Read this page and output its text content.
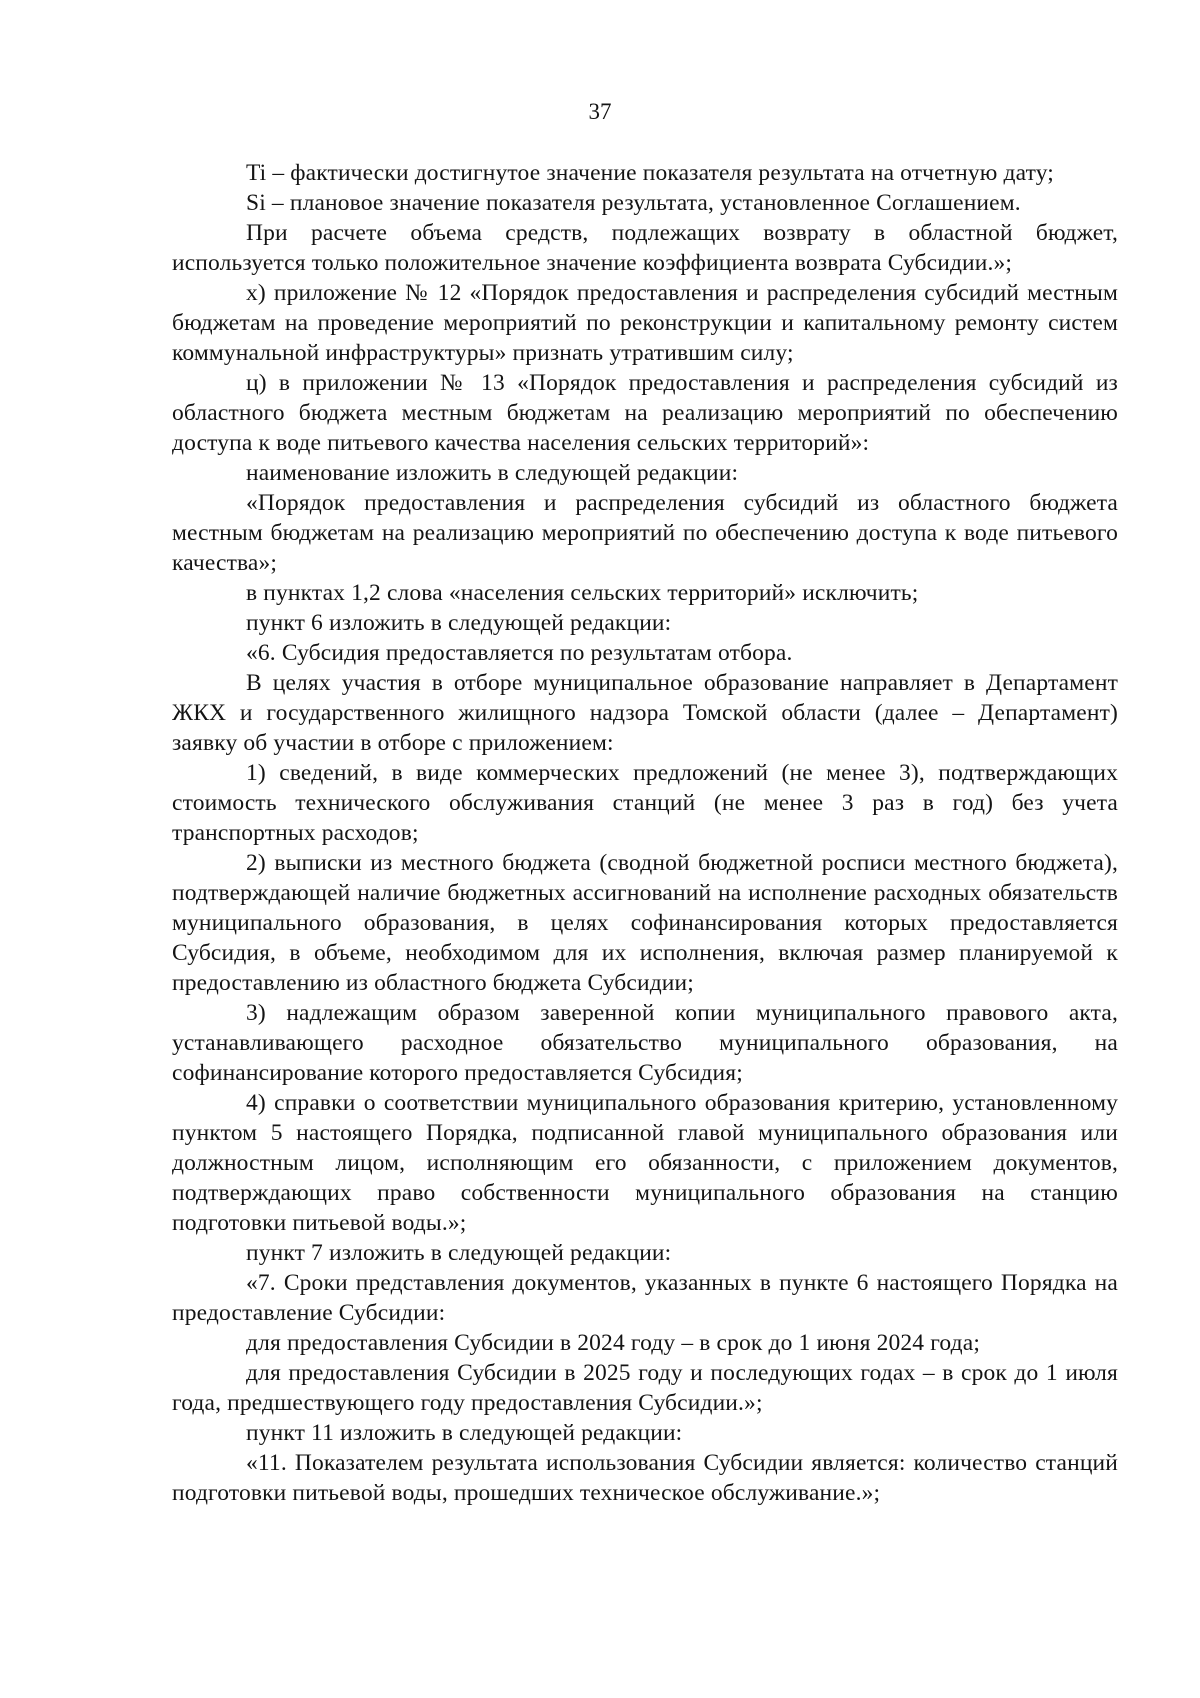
37

Ti – фактически достигнутое значение показателя результата на отчетную дату;

Si – плановое значение показателя результата, установленное Соглашением.

При расчете объема средств, подлежащих возврату в областной бюджет, используется только положительное значение коэффициента возврата Субсидии.»;

х) приложение № 12 «Порядок предоставления и распределения субсидий местным бюджетам на проведение мероприятий по реконструкции и капитальному ремонту систем коммунальной инфраструктуры» признать утратившим силу;

ц) в приложении № 13 «Порядок предоставления и распределения субсидий из областного бюджета местным бюджетам на реализацию мероприятий по обеспечению доступа к воде питьевого качества населения сельских территорий»:

наименование изложить в следующей редакции:

«Порядок предоставления и распределения субсидий из областного бюджета местным бюджетам на реализацию мероприятий по обеспечению доступа к воде питьевого качества»;

в пунктах 1,2 слова «населения сельских территорий» исключить;

пункт 6 изложить в следующей редакции:

«6. Субсидия предоставляется по результатам отбора.

В целях участия в отборе муниципальное образование направляет в Департамент ЖКХ и государственного жилищного надзора Томской области (далее – Департамент) заявку об участии в отборе с приложением:

1) сведений, в виде коммерческих предложений (не менее 3), подтверждающих стоимость технического обслуживания станций (не менее 3 раз в год) без учета транспортных расходов;

2) выписки из местного бюджета (сводной бюджетной росписи местного бюджета), подтверждающей наличие бюджетных ассигнований на исполнение расходных обязательств муниципального образования, в целях софинансирования которых предоставляется Субсидия, в объеме, необходимом для их исполнения, включая размер планируемой к предоставлению из областного бюджета Субсидии;

3) надлежащим образом заверенной копии муниципального правового акта, устанавливающего расходное обязательство муниципального образования, на софинансирование которого предоставляется Субсидия;

4) справки о соответствии муниципального образования критерию, установленному пунктом 5 настоящего Порядка, подписанной главой муниципального образования или должностным лицом, исполняющим его обязанности, с приложением документов, подтверждающих право собственности муниципального образования на станцию подготовки питьевой воды.»;

пункт 7 изложить в следующей редакции:

«7. Сроки представления документов, указанных в пункте 6 настоящего Порядка на предоставление Субсидии:

для предоставления Субсидии в 2024 году – в срок до 1 июня 2024 года;

для предоставления Субсидии в 2025 году и последующих годах – в срок до 1 июля года, предшествующего году предоставления Субсидии.»;

пункт 11 изложить в следующей редакции:

«11. Показателем результата использования Субсидии является: количество станций подготовки питьевой воды, прошедших техническое обслуживание.»;
